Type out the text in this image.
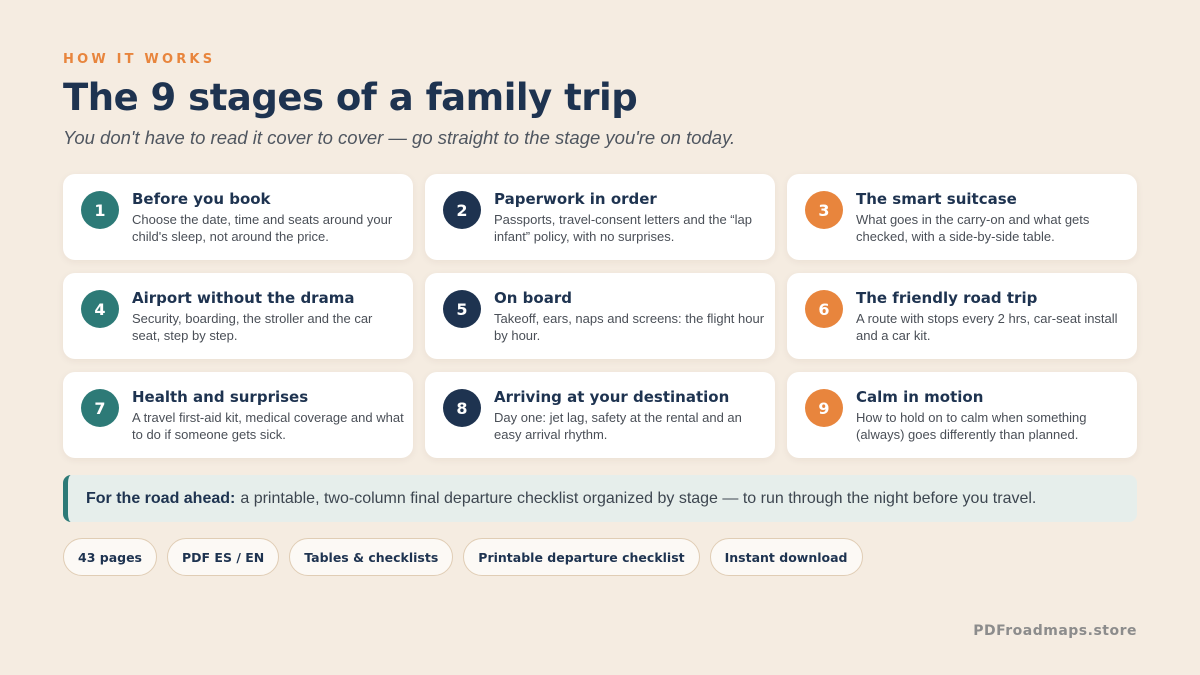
HOW IT WORKS
The 9 stages of a family trip
You don't have to read it cover to cover — go straight to the stage you're on today.
1
Before you book
Choose the date, time and seats around your child's sleep, not around the price.
2
Paperwork in order
Passports, travel-consent letters and the “lap infant” policy, with no surprises.
3
The smart suitcase
What goes in the carry-on and what gets checked, with a side-by-side table.
4
Airport without the drama
Security, boarding, the stroller and the car seat, step by step.
5
On board
Takeoff, ears, naps and screens: the flight hour by hour.
6
The friendly road trip
A route with stops every 2 hrs, car-seat install and a car kit.
7
Health and surprises
A travel first-aid kit, medical coverage and what to do if someone gets sick.
8
Arriving at your destination
Day one: jet lag, safety at the rental and an easy arrival rhythm.
9
Calm in motion
How to hold on to calm when something (always) goes differently than planned.
For the road ahead: a printable, two-column final departure checklist organized by stage — to run through the night before you travel.
43 pages	PDF ES / EN	Tables & checklists	Printable departure checklist	Instant download
PDFroadmaps.store
